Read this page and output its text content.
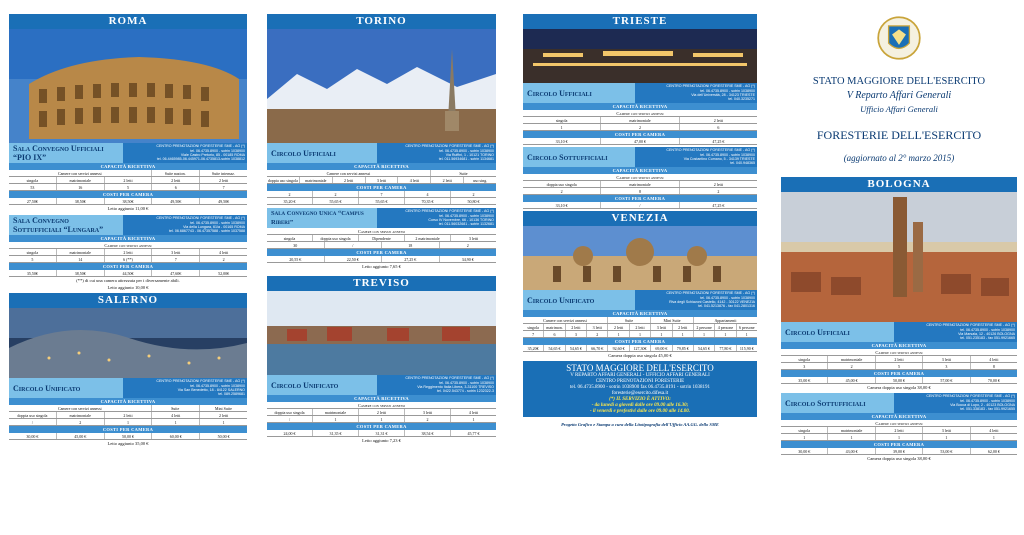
ROMA
Sala Convegno Ufficiali “PIO IX”
CENTRO PRENOTAZIONI FORESTERIE SME - AG (*)
tel. 06.4735.8900 - sotrin 1038900
Viale Castro Pretorio, 85 - 00185 ROMA
tel. 06.4465985-06.445971-06.4735813-sotrin 1038812
CAPACITÀ RICETTIVA
Camere con servizi annessi	Suite nazion.	Suite internaz.
singola	matrimoniale	2 letti	2 letti	2 letti
53	16	5	6	7
COSTI PER CAMERA
27,50€	38,50€	38,50€	49,50€	49,50€
Letto aggiunto 11,00 €
Sala Convegno Sottufficiali “Lungara”
CENTRO PRENOTAZIONI FORESTERIE SME - AG (*)
tel. 06.4735.8900 - sotrin 1038900
Via della Lungara, 61/a - 00165 ROMA
tel. 06.6867743 - 06.47357588 - sotrin 1037588
CAPACITÀ RICETTIVA
Camere con servizi annessi
singola	matrimoniale	2 letti	3 letti	4 letti
5	14	6 (**)	7	2
COSTI PER CAMERA
35,50€	38,50€	44,50€	47,60€	52,00€
(**) di cui una camera attrezzata per i diversamente abili.
Letto aggiunto 10,00 €
SALERNO
Circolo Unificato
CENTRO PRENOTAZIONI FORESTERIE SME - AG (*)
tel. 06.4735.8900 - sotrin 1038900
Via San Benedetto, 18 - 84122 SALERNO
tel. 089.2589681
CAPACITÀ RICETTIVA
Camere con servizi annessi	Suite	Mini Suite
doppia uso singola	matrimoniale	2 letti	4 letti	2 letti
/	2	1	1	1
COSTI PER CAMERA
30,00 €	45,00 €	50,00 €	60,00 €	50,00 €
Letto aggiunto 35,00 €
TORINO
Circolo Ufficiali
CENTRO PRENOTAZIONI FORESTERIE SME - AG (*)
tel. 06.4735.8900 - sotrin 1038900
Via Ruffini, 1 - 10121 TORINO
tel. 011.56934681 - sotrin 1134681
CAPACITÀ RICETTIVA
Camere con servizi annessi	Suite
doppia uso singola	matrimoniale	2 letti	3 letti	4 letti	2 letti	uso sing.
COSTI PER CAMERA
2	2	7	4	2
35,20 €	55,65 €	55,65 €	70,35 €	50,80 €
Sala Convegno Unica “Campus Riberi”
CENTRO PRENOTAZIONI FORESTERIE SME - AG (*)
tel. 06.4735.8900 - sotrin 1038900
Corso IV Novembre, 66 - 10136 TORINO
tel. 011.56032681 - sotrin 1132681
Camere con servizi annessi
singola	doppia uso singola	Dipendente	2 matrimoniale	3 letti
30	/	18	2
COSTI PER CAMERA
20,55 €	22,50 €	27,25 €	34,90 €
Letto aggiunto 7,65 €
TREVISO
Circolo Unificato
CENTRO PRENOTAZIONI FORESTERIE SME - AG (*)
tel. 06.4735.8900 - sotrin 1038900
Via Reggimento Italia Libera, 3-31100 TREVISO
tel. 0422.543774 - sotrin 1232322-3
CAPACITÀ RICETTIVA
Camere con servizi annessi
doppia uso singola	matrimoniale	2 letti	3 letti	4 letti
/	1	1	2	1
COSTI PER CAMERA
24,00 €	31,35 €	31,31 €	38,54 €	45,77 €
Letto aggiunto 7,23 €
TRIESTE
Circolo Ufficiali
CENTRO PRENOTAZIONI FORESTERIE SME - AG (*)
tel. 06.4735.8900 - sotrin 1038900
Via dell'Università, 28 - 34123 TRIESTE
tel. 040.3235271
CAPACITÀ RICETTIVA
Camere con servizi annessi
singola	matrimoniale	2 letti
1	2	6
COSTI PER CAMERA
33,10 €	47,00 €	47,25 €
Circolo Sottufficiali
CENTRO PRENOTAZIONI FORESTERIE SME - AG (*)
tel. 06.4735.8900 - sotrin 1038900
Via Costantino Cumano, 5 - 34139 TRIESTE
tel. 040.948365
CAPACITÀ RICETTIVA
Camere con servizi annessi
doppia uso singola	matrimoniale	2 letti
2	8	2
COSTI PER CAMERA
33,10 €	/	47,25 €
VENEZIA
Circolo Unificato
CENTRO PRENOTAZIONI FORESTERIE SME - AG (*)
tel. 06.4735.8900 - sotrin 1038900
Riva degli Schiavoni Castello, 4142 - 30122 VENEZIA
tel. 041.5213876 - fax 041.2801316
CAPACITÀ RICETTIVA
Camere con servizi annessi	Suite	Mini Suite	Appartamenti
singola	matrimon.	2 letti	3 letti	2 letti	2 letti	3 letti	2 letti	2 persone	4 persone	6 persone
7	6	3	2	1	1	1	1	1	1	1
COSTI PER CAMERA
35,20€	54,65 €	54,65 €	66,70 €	92,60 €	127,30€	69,00 €	79,85 €	54,65 €	77,80 €	115,90 €
Camera doppia uso singola 45,00 €
STATO MAGGIORE DELL'ESERCITO
V REPARTO AFFARI GENERALI - UFFICIO AFFARI GENERALI
CENTRO PRENOTAZIONI FORESTERIE
tel. 06.4735.8900 - sotrin 1038900 fax 06.4735.8191 - sotrin 1038191
foresterie@esercito.difesa.it
(*) IL SERVIZIO È ATTIVO:
- da lunedì a giovedì dalle ore 09.00 alle 16.30;
- il venerdì e prefestivi dalle ore 09.00 alle 14.00.
Progetto Grafico e Stampa a cura della Litotipografia dell'Ufficio AA.GG. dello SME
STATO MAGGIORE DELL'ESERCITO
V Reparto Affari Generali
Ufficio Affari Generali
FORESTERIE DELL'ESERCITO
(aggiornato al 2° marzo 2015)
BOLOGNA
Circolo Ufficiali
CENTRO PRENOTAZIONI FORESTERIE SME - AG (*)
tel. 06.4735.8900 - sotrin 1038900
Via Marsala, 12 - 40126 BOLOGNA
tel. 051.235183 - fax 051.9921665
CAPACITÀ RICETTIVA
Camere con servizi annessi
singola	matrimoniale	2 letti	3 letti	4 letti
3	2	5	3	8
COSTI PER CAMERA
35,00 €	45,00 €	50,00 €	57,00 €	70,00 €
Camera doppia uso singola 38,00 €
Circolo Sottufficiali
CENTRO PRENOTAZIONI FORESTERIE SME - AG (*)
tel. 06.4735.8900 - sotrin 1038900
Via Bocca di Lupo, 2 - 40123 BOLOGNA
tel. 051.338183 - fax 051.9921655
CAPACITÀ RICETTIVA
Camere con servizi annessi
singola	matrimoniale	2 letti	3 letti	4 letti
1	1	1	1	1
COSTI PER CAMERA
30,00 €	43,00 €	39,00 €	53,00 €	62,00 €
Camera doppia uso singola 38,00 €
